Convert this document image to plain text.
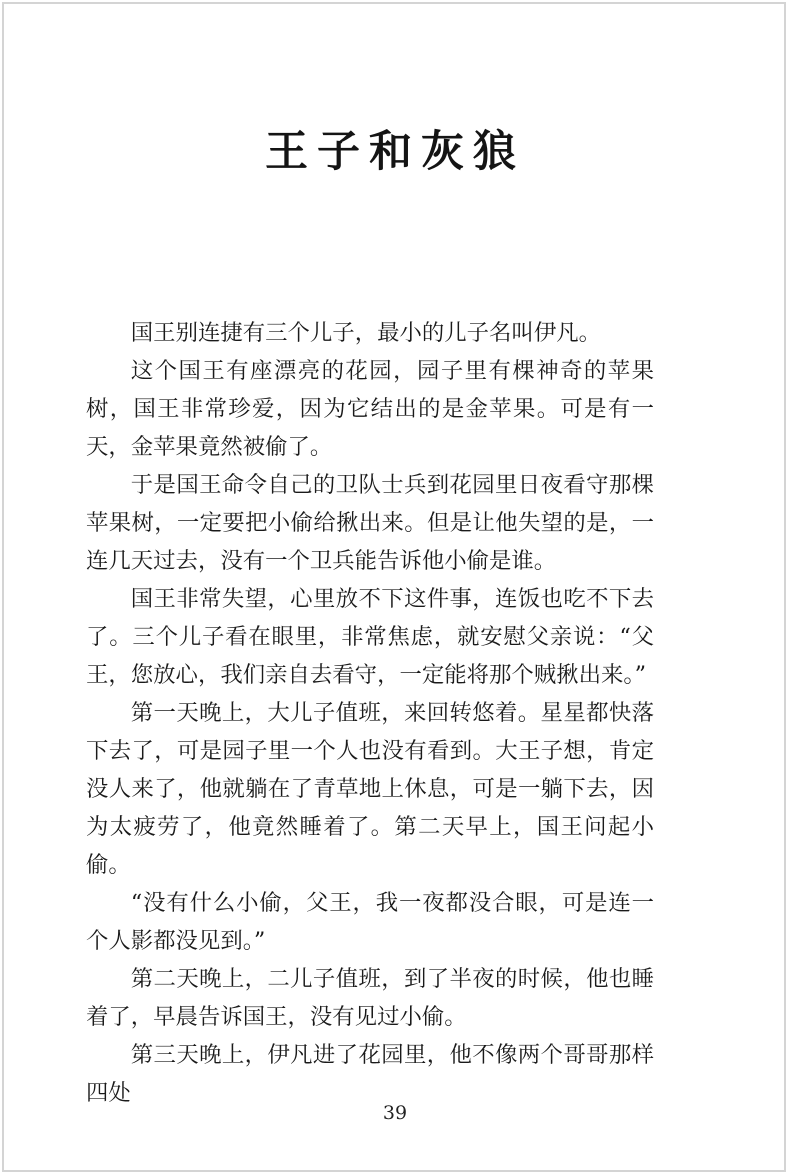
王子和灰狼

国王别连捷有三个儿子，最小的儿子名叫伊凡。

这个国王有座漂亮的花园，园子里有棵神奇的苹果树，国王非常珍爱，因为它结出的是金苹果。可是有一天，金苹果竟然被偷了。

于是国王命令自己的卫队士兵到花园里日夜看守那棵苹果树，一定要把小偷给揪出来。但是让他失望的是，一连几天过去，没有一个卫兵能告诉他小偷是谁。

国王非常失望，心里放不下这件事，连饭也吃不下去了。三个儿子看在眼里，非常焦虑，就安慰父亲说：“父王，您放心，我们亲自去看守，一定能将那个贼揪出来。”

第一天晚上，大儿子值班，来回转悠着。星星都快落下去了，可是园子里一个人也没有看到。大王子想，肯定没人来了，他就躺在了青草地上休息，可是一躺下去，因为太疲劳了，他竟然睡着了。第二天早上，国王问起小偷。

“没有什么小偷，父王，我一夜都没合眼，可是连一个人影都没见到。”

第二天晚上，二儿子值班，到了半夜的时候，他也睡着了，早晨告诉国王，没有见过小偷。

第三天晚上，伊凡进了花园里，他不像两个哥哥那样四处

39
